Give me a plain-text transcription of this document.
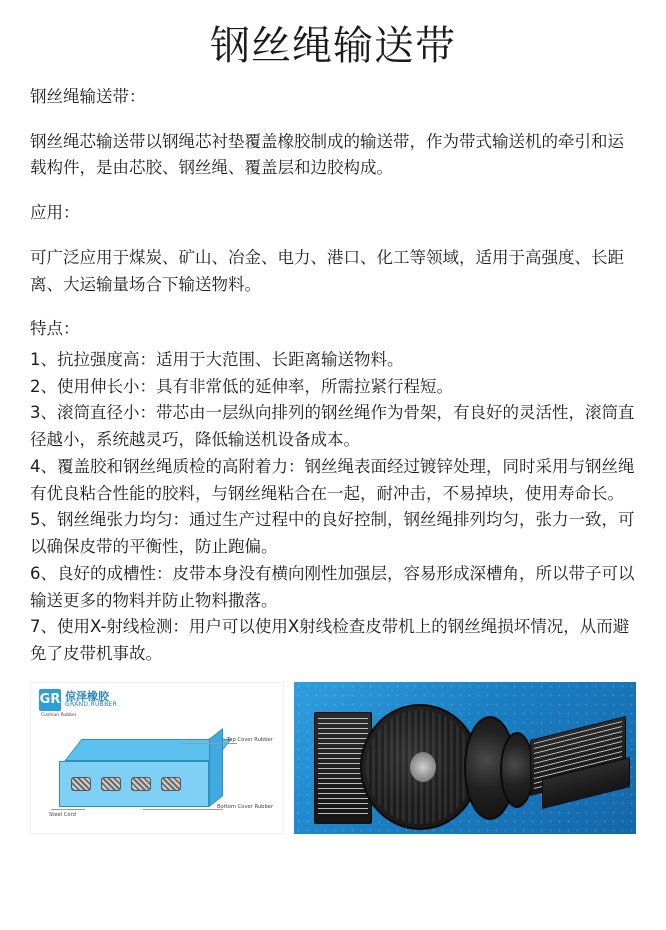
钢丝绳输送带

钢丝绳输送带：

钢丝绳芯输送带以钢绳芯衬垫覆盖橡胶制成的输送带，作为带式输送机的牵引和运载构件，是由芯胶、钢丝绳、覆盖层和边胶构成。

应用：

可广泛应用于煤炭、矿山、冶金、电力、港口、化工等领域，适用于高强度、长距离、大运输量场合下输送物料。

特点：

1、抗拉强度高：适用于大范围、长距离输送物料。

2、使用伸长小：具有非常低的延伸率，所需拉紧行程短。

3、滚筒直径小：带芯由一层纵向排列的钢丝绳作为骨架，有良好的灵活性，滚筒直径越小，系统越灵巧，降低输送机设备成本。

4、覆盖胶和钢丝绳质检的高附着力：钢丝绳表面经过镀锌处理，同时采用与钢丝绳有优良粘合性能的胶料，与钢丝绳粘合在一起，耐冲击，不易掉块，使用寿命长。

5、钢丝绳张力均匀：通过生产过程中的良好控制，钢丝绳排列均匀，张力一致，可以确保皮带的平衡性，防止跑偏。

6、良好的成槽性：皮带本身没有横向刚性加强层，容易形成深槽角，所以带子可以输送更多的物料并防止物料撒落。

7、使用X-射线检测：用户可以使用X射线检查皮带机上的钢丝绳损坏情况，从而避免了皮带机事故。

GR 倞泽橡胶
GRAND RUBBER
Top Cover Rubber
Bottom Cover Rubber
Steel Cord
Cushion Rubber
